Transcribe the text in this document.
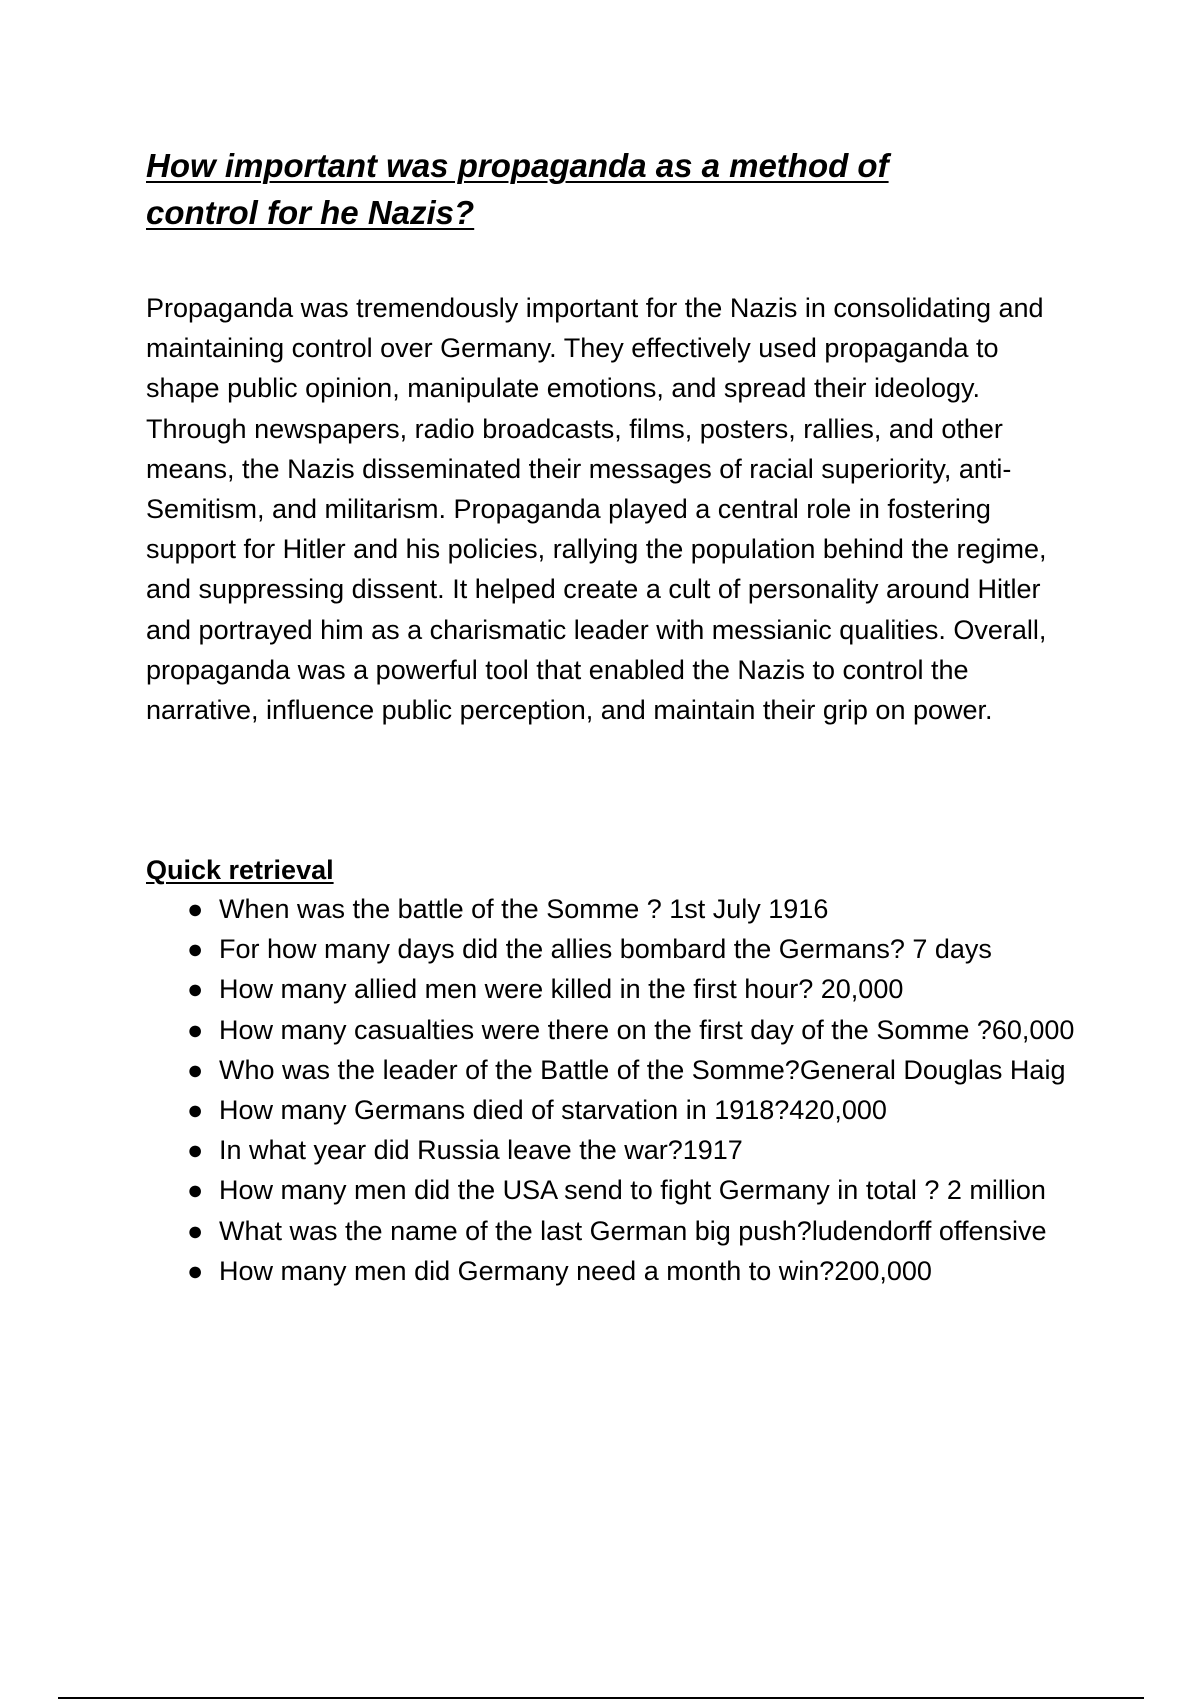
How important was propaganda as a method of
control for he Nazis?

Propaganda was tremendously important for the Nazis in consolidating and maintaining control over Germany. They effectively used propaganda to shape public opinion, manipulate emotions, and spread their ideology. Through newspapers, radio broadcasts, films, posters, rallies, and other means, the Nazis disseminated their messages of racial superiority, anti-Semitism, and militarism. Propaganda played a central role in fostering support for Hitler and his policies, rallying the population behind the regime, and suppressing dissent. It helped create a cult of personality around Hitler and portrayed him as a charismatic leader with messianic qualities. Overall, propaganda was a powerful tool that enabled the Nazis to control the narrative, influence public perception, and maintain their grip on power.

Quick retrieval
● When was the battle of the Somme ? 1st July 1916
● For how many days did the allies bombard the Germans? 7 days
● How many allied men were killed in the first hour? 20,000
● How many casualties were there on the first day of the Somme ?60,000
● Who was the leader of the Battle of the Somme?General Douglas Haig
● How many Germans died of starvation in 1918?420,000
● In what year did Russia leave the war?1917
● How many men did the USA send to fight Germany in total ? 2 million
● What was the name of the last German big push?ludendorff offensive
● How many men did Germany need a month to win?200,000
